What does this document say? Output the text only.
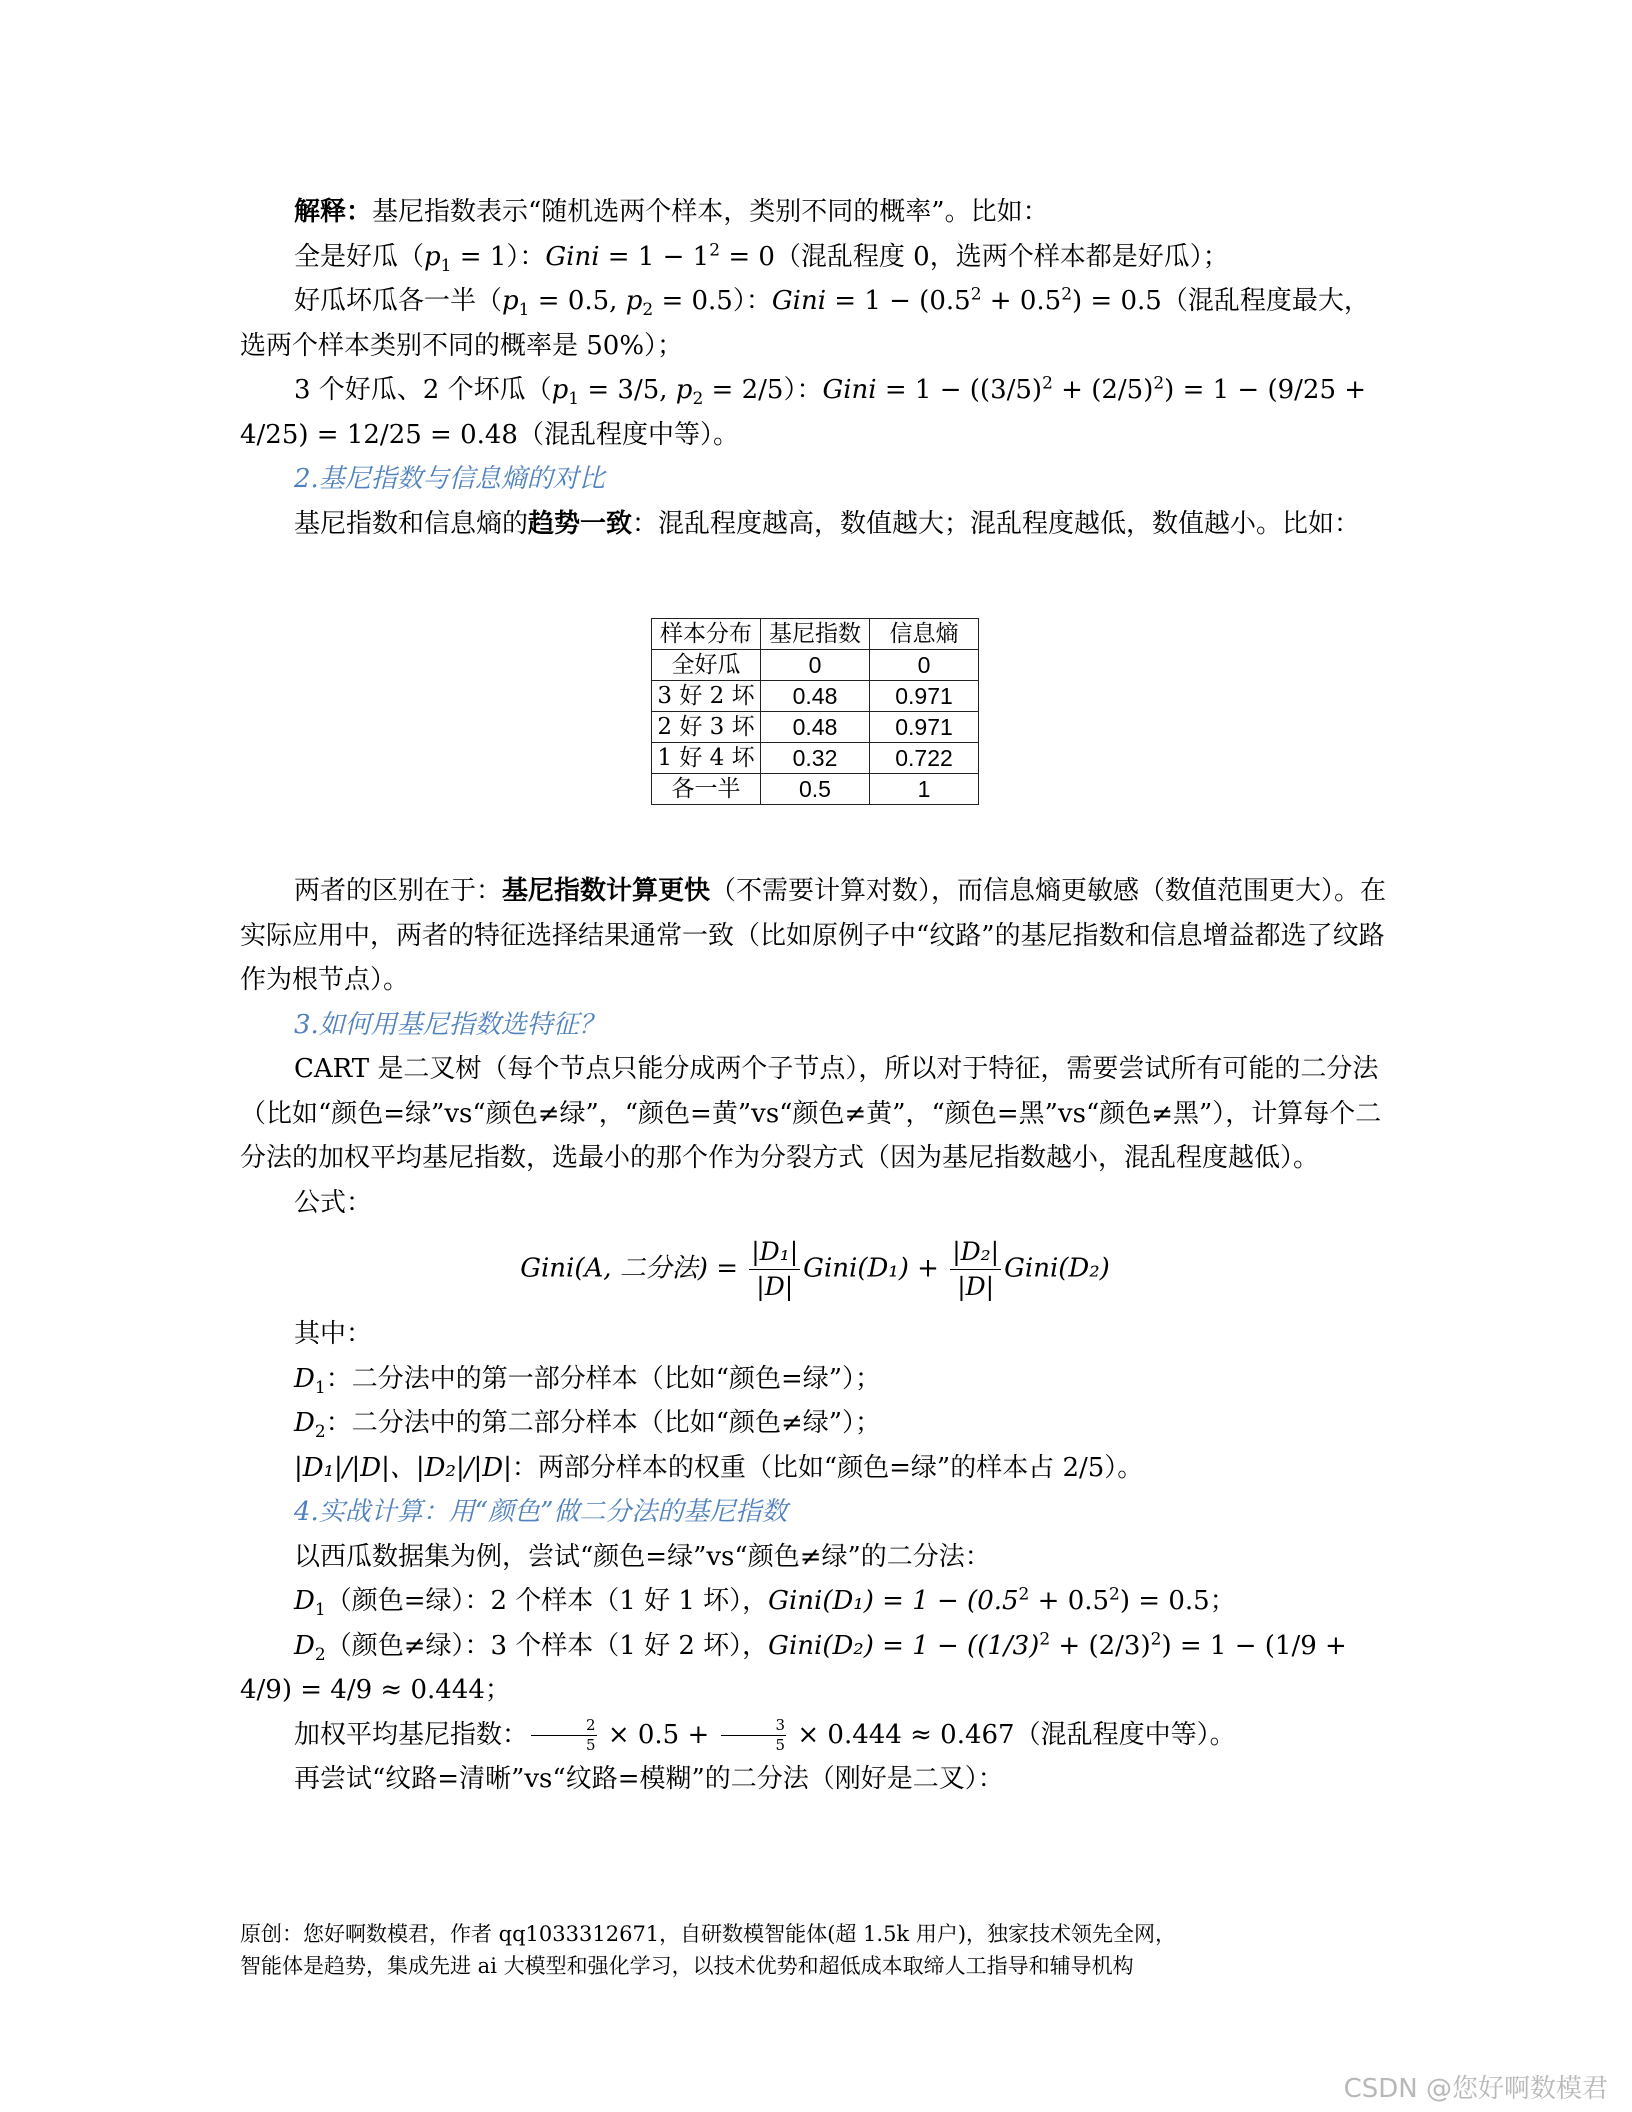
解释：基尼指数表示“随机选两个样本，类别不同的概率”。比如：

全是好瓜$(p_1 = 1)$：Gini = $1 - 1^2 = 0$（混乱程度 0，选两个样本都是好瓜）；

好瓜坏瓜各一半（$p_1 = 0.5$, $p_2 = 0.5$）：Gini = $1 - (0.5^2 + 0.5^2) = 0.5$（混乱程度最大，选两个样本类别不同的概率是 50%）；

3 个好瓜、2 个坏瓜（$p_1 = 3/5$, $p_2 = 2/5$）：Gini = $1 - ((3/5)^2 + (2/5)^2) = 1 - (9/25 + 4/25) = 12/25 = 0.48$（混乱程度中等）。

2.基尼指数与信息熵的对比

基尼指数和信息熵的趋势一致：混乱程度越高，数值越大；混乱程度越低，数值越小。比如：

样本分布	基尼指数	信息熵
全好瓜	0	0
3 好 2 坏	0.48	0.971
2 好 3 坏	0.48	0.971
1 好 4 坏	0.32	0.722
各一半	0.5	1

两者的区别在于：基尼指数计算更快（不需要计算对数），而信息熵更敏感（数值范围更大）。在实际应用中，两者的特征选择结果通常一致（比如原例子中“纹路”的基尼指数和信息增益都选了纹路作为根节点）。

3.如何用基尼指数选特征？

CART 是二叉树（每个节点只能分成两个子节点），所以对于特征，需要尝试所有可能的二分法（比如“颜色=绿”vs“颜色≠绿”，“颜色=黄”vs“颜色≠黄”，“颜色=黑”vs“颜色≠黑”），计算每个二分法的加权平均基尼指数，选最小的那个作为分裂方式（因为基尼指数越小，混乱程度越低）。

公式：

Gini(A, 二分法) = $\frac{\text{|D₁|}}{|D|}$ Gini(D₁) + $\frac{\text{|D₂|}}{|D|}$ Gini(D₂)

其中：

$D_1$：二分法中的第一部分样本（比如“颜色=绿”）；

$D_2$：二分法中的第二部分样本（比如“颜色≠绿”）；

|D₁|/|D|、|D₂|/|D|：两部分样本的权重（比如“颜色=绿”的样本占 2/5）。

4.实战计算：用“颜色”做二分法的基尼指数

以西瓜数据集为例，尝试“颜色=绿”vs“颜色≠绿”的二分法：

$D_1$（颜色=绿）：2 个样本（1 好 1 坏），Gini(D₁) = $1 - (0.5^2 + 0.5^2) = 0.5$；

$D_2$（颜色≠绿）：3 个样本（1 好 2 坏），Gini(D₂) = $1 - ((1/3)^2 + (2/3)^2) = 1 - (1/9 + 4/9) = 4/9 \approx 0.444$；

加权平均基尼指数： $\frac{2}{5} \times 0.5 + \frac{3}{5} \times 0.444 \approx 0.467$（混乱程度中等）。

再尝试“纹路=清晰”vs“纹路=模糊”的二分法（刚好是二叉）：

原创：您好啊数模君，作者 qq1033312671，自研数模智能体(超 1.5k 用户)，独家技术领先全网，
智能体是趋势，集成先进 ai 大模型和强化学习，以技术优势和超低成本取缔人工指导和辅导机构
CSDN @您好啊数模君
